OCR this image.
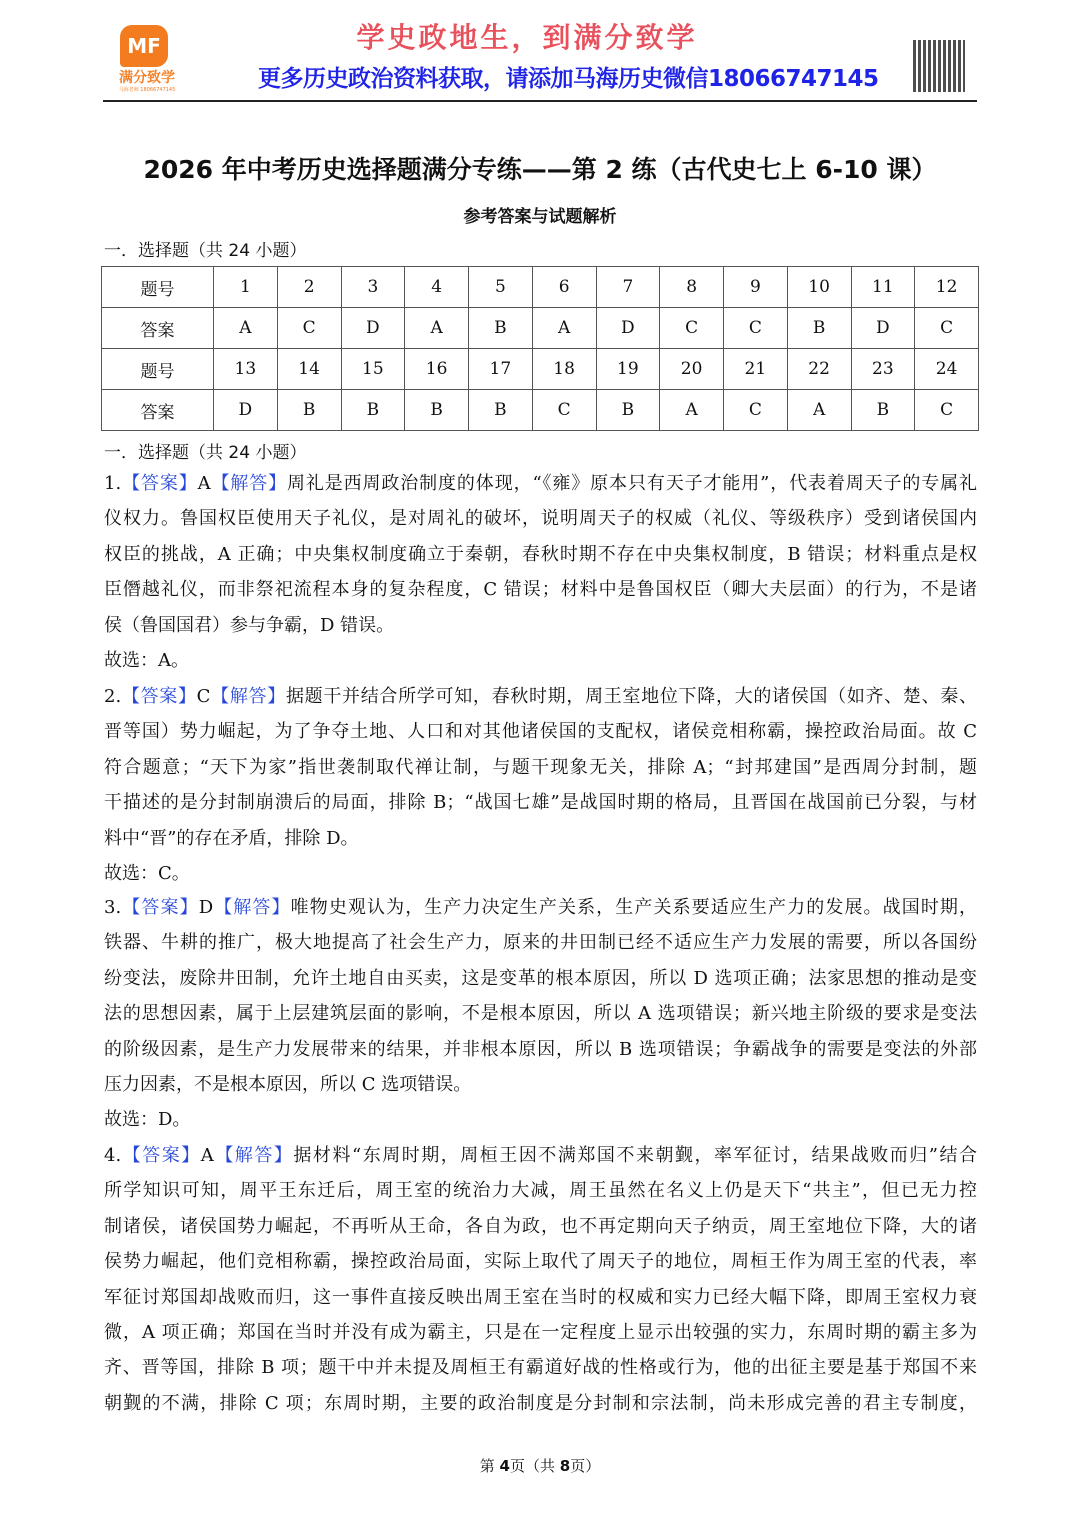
MF
满分致学
马海老师 18066747145
学史政地生，到满分致学
更多历史政治资料获取，请添加马海历史微信18066747145
2026 年中考历史选择题满分专练——第 2 练（古代史七上 6-10 课）
参考答案与试题解析
一．选择题（共 24 小题）
题号	1	2	3	4	5	6	7	8	9	10	11	12
答案	A	C	D	A	B	A	D	C	C	B	D	C
题号	13	14	15	16	17	18	19	20	21	22	23	24
答案	D	B	B	B	B	C	B	A	C	A	B	C
一．选择题（共 24 小题）
1.【答案】A【解答】周礼是西周政治制度的体现，“《雍》原本只有天子才能用”，代表着周天子的专属礼
仪权力。鲁国权臣使用天子礼仪，是对周礼的破坏，说明周天子的权威（礼仪、等级秩序）受到诸侯国内
权臣的挑战，A 正确；中央集权制度确立于秦朝，春秋时期不存在中央集权制度，B 错误；材料重点是权
臣僭越礼仪，而非祭祀流程本身的复杂程度，C 错误；材料中是鲁国权臣（卿大夫层面）的行为，不是诸
侯（鲁国国君）参与争霸，D 错误。
故选：A。
2.【答案】C【解答】据题干并结合所学可知，春秋时期，周王室地位下降，大的诸侯国（如齐、楚、秦、
晋等国）势力崛起，为了争夺土地、人口和对其他诸侯国的支配权，诸侯竞相称霸，操控政治局面。故 C
符合题意；“天下为家”指世袭制取代禅让制，与题干现象无关，排除 A；“封邦建国”是西周分封制，题
干描述的是分封制崩溃后的局面，排除 B；“战国七雄”是战国时期的格局，且晋国在战国前已分裂，与材
料中“晋”的存在矛盾，排除 D。
故选：C。
3.【答案】D【解答】唯物史观认为，生产力决定生产关系，生产关系要适应生产力的发展。战国时期，
铁器、牛耕的推广，极大地提高了社会生产力，原来的井田制已经不适应生产力发展的需要，所以各国纷
纷变法，废除井田制，允许土地自由买卖，这是变革的根本原因，所以 D 选项正确；法家思想的推动是变
法的思想因素，属于上层建筑层面的影响，不是根本原因，所以 A 选项错误；新兴地主阶级的要求是变法
的阶级因素，是生产力发展带来的结果，并非根本原因，所以 B 选项错误；争霸战争的需要是变法的外部
压力因素，不是根本原因，所以 C 选项错误。
故选：D。
4.【答案】A【解答】据材料“东周时期，周桓王因不满郑国不来朝觐，率军征讨，结果战败而归”结合
所学知识可知，周平王东迁后，周王室的统治力大减，周王虽然在名义上仍是天下“共主”，但已无力控
制诸侯，诸侯国势力崛起，不再听从王命，各自为政，也不再定期向天子纳贡，周王室地位下降，大的诸
侯势力崛起，他们竞相称霸，操控政治局面，实际上取代了周天子的地位，周桓王作为周王室的代表，率
军征讨郑国却战败而归，这一事件直接反映出周王室在当时的权威和实力已经大幅下降，即周王室权力衰
微，A 项正确；郑国在当时并没有成为霸主，只是在一定程度上显示出较强的实力，东周时期的霸主多为
齐、晋等国，排除 B 项；题干中并未提及周桓王有霸道好战的性格或行为，他的出征主要是基于郑国不来
朝觐的不满，排除 C 项；东周时期，主要的政治制度是分封制和宗法制，尚未形成完善的君主专制度，
第 4页（共 8页）
